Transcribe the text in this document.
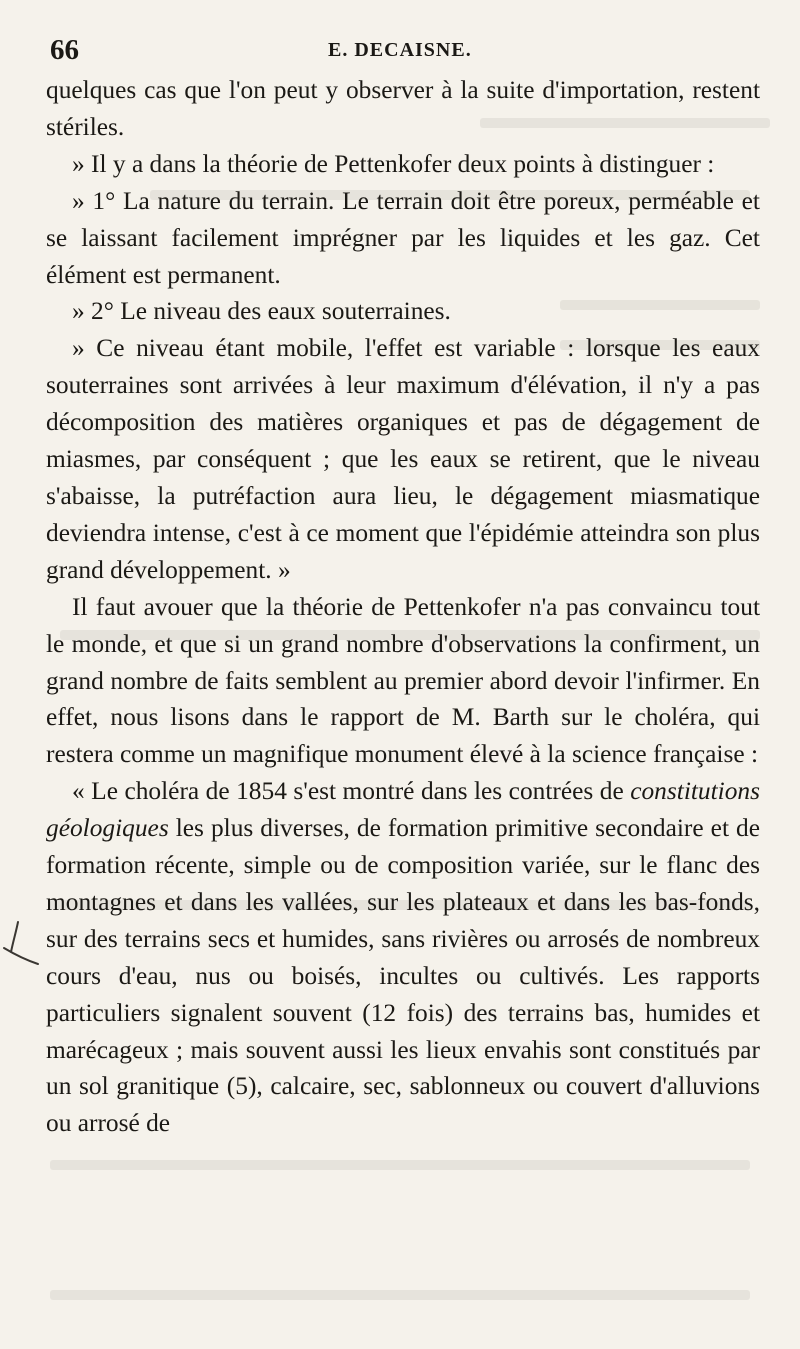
66	E. DECAISNE.

quelques cas que l'on peut y observer à la suite d'importation, restent stériles.

» Il y a dans la théorie de Pettenkofer deux points à distinguer :

» 1° La nature du terrain. Le terrain doit être poreux, perméable et se laissant facilement imprégner par les liquides et les gaz. Cet élément est permanent.

» 2° Le niveau des eaux souterraines.

» Ce niveau étant mobile, l'effet est variable : lorsque les eaux souterraines sont arrivées à leur maximum d'élévation, il n'y a pas décomposition des matières organiques et pas de dégagement de miasmes, par conséquent ; que les eaux se retirent, que le niveau s'abaisse, la putréfaction aura lieu, le dégagement miasmatique deviendra intense, c'est à ce moment que l'épidémie atteindra son plus grand développement. »

Il faut avouer que la théorie de Pettenkofer n'a pas convaincu tout le monde, et que si un grand nombre d'observations la confirment, un grand nombre de faits semblent au premier abord devoir l'infirmer. En effet, nous lisons dans le rapport de M. Barth sur le choléra, qui restera comme un magnifique monument élevé à la science française :

« Le choléra de 1854 s'est montré dans les contrées de constitutions géologiques les plus diverses, de formation primitive secondaire et de formation récente, simple ou de composition variée, sur le flanc des montagnes et dans les vallées, sur les plateaux et dans les bas-fonds, sur des terrains secs et humides, sans rivières ou arrosés de nombreux cours d'eau, nus ou boisés, incultes ou cultivés. Les rapports particuliers signalent souvent (12 fois) des terrains bas, humides et marécageux ; mais souvent aussi les lieux envahis sont constitués par un sol granitique (5), calcaire, sec, sablonneux ou couvert d'alluvions ou arrosé de
